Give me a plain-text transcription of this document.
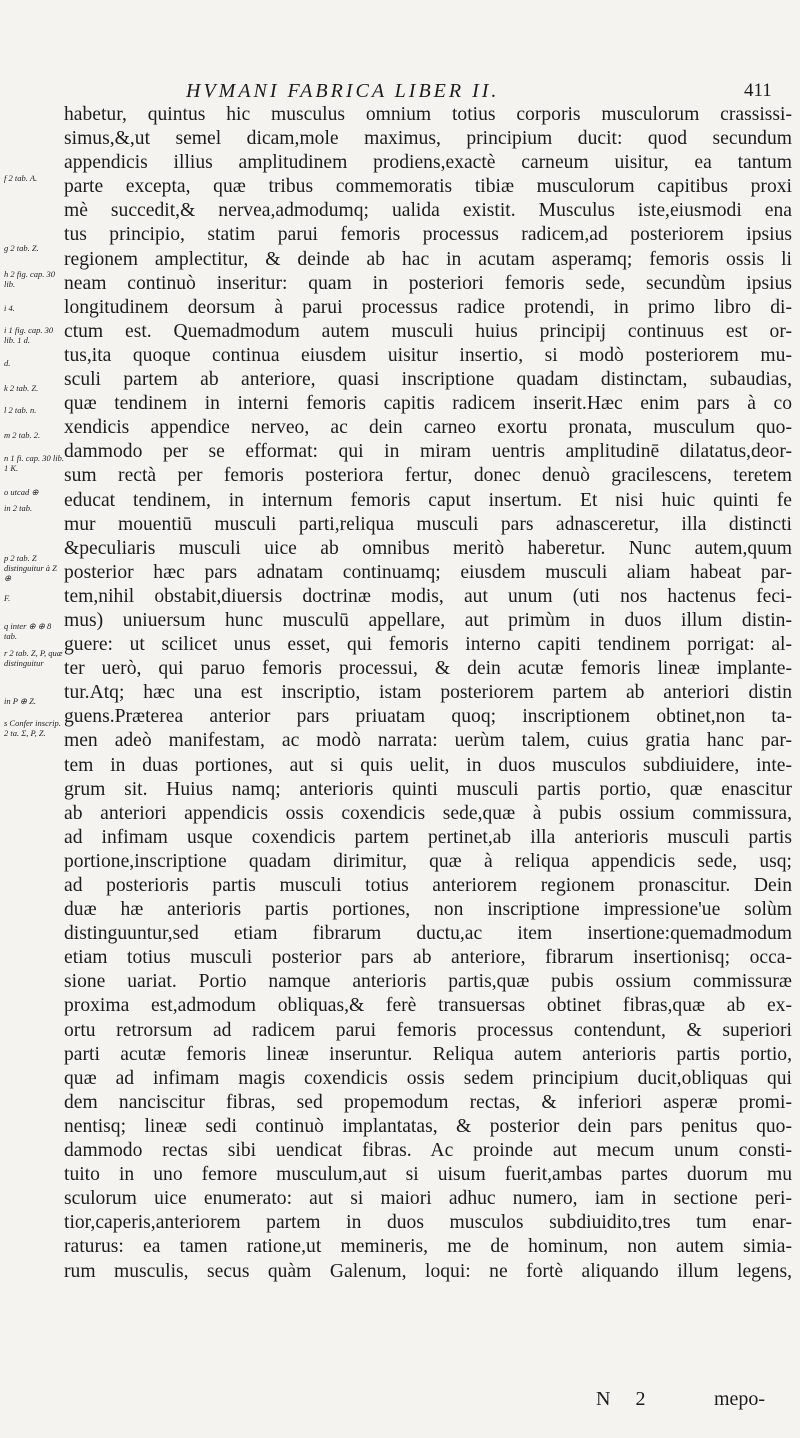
HVMANI FABRICA LIBER II.	411
f 2 tab. A.
g 2 tab. Z.
h 2 fig. cap. 30 lib.
i 4.
i 1 fig. cap. 30 lib. 1 d.
d.
k 2 tab. Z.
l 2 tab. n.
m 2 tab. 2.
n 1 fi. cap. 30 lib. 1 K.
o utcad ⊕
in 2 tab.
p 2 tab. Z distinguitur à Z ⊕
F.
q inter ⊕ ⊕ 8 tab.
r 2 tab. Z, P, quæ distinguitur
in P ⊕ Z.
s Confer inscrip. 2 ta. Σ, P, Z.
habetur, quintus hic musculus omnium totius corporis musculorum crassissi-
simus,&,ut semel dicam,mole maximus, principium ducit: quod secundum
appendicis illius amplitudinem prodiens,exactè carneum uisitur, ea tantum
parte excepta, quæ tribus commemoratis tibiæ musculorum capitibus proxi
mè succedit,& nervea,admodumq; ualida existit. Musculus iste,eiusmodi ena
tus principio, statim parui femoris processus radicem,ad posteriorem ipsius
regionem amplectitur, & deinde ab hac in acutam asperamq; femoris ossis li
neam continuò inseritur: quam in posteriori femoris sede, secundùm ipsius
longitudinem deorsum à parui processus radice protendi, in primo libro di-
ctum est. Quemadmodum autem musculi huius principij continuus est or-
tus,ita quoque continua eiusdem uisitur insertio, si modò posteriorem mu-
sculi partem ab anteriore, quasi inscriptione quadam distinctam, subaudias,
quæ tendinem in interni femoris capitis radicem inserit.Hæc enim pars à co
xendicis appendice nerveo, ac dein carneo exortu pronata, musculum quo-
dammodo per se efformat: qui in miram uentris amplitudinē dilatatus,deor-
sum rectà per femoris posteriora fertur, donec denuò gracilescens, teretem
educat tendinem, in internum femoris caput insertum. Et nisi huic quinti fe
mur mouentiū musculi parti,reliqua musculi pars adnasceretur, illa distincti
&peculiaris musculi uice ab omnibus meritò haberetur. Nunc autem,quum
posterior hæc pars adnatam continuamq; eiusdem musculi aliam habeat par-
tem,nihil obstabit,diuersis doctrinæ modis, aut unum (uti nos hactenus feci-
mus) uniuersum hunc musculū appellare, aut primùm in duos illum distin-
guere: ut scilicet unus esset, qui femoris interno capiti tendinem porrigat: al-
ter uerò, qui paruo femoris processui, & dein acutæ femoris lineæ implante-
tur.Atq; hæc una est inscriptio, istam posteriorem partem ab anteriori distin
guens.Præterea anterior pars priuatam quoq; inscriptionem obtinet,non ta-
men adeò manifestam, ac modò narrata: uerùm talem, cuius gratia hanc par-
tem in duas portiones, aut si quis uelit, in duos musculos subdiuidere, inte-
grum sit. Huius namq; anterioris quinti musculi partis portio, quæ enascitur
ab anteriori appendicis ossis coxendicis sede,quæ à pubis ossium commissura,
ad infimam usque coxendicis partem pertinet,ab illa anterioris musculi partis
portione,inscriptione quadam dirimitur, quæ à reliqua appendicis sede, usq;
ad posterioris partis musculi totius anteriorem regionem pronascitur. Dein
duæ hæ anterioris partis portiones, non inscriptione impressione'ue solùm
distinguuntur,sed etiam fibrarum ductu,ac item insertione:quemadmodum
etiam totius musculi posterior pars ab anteriore, fibrarum insertionisq; occa-
sione uariat. Portio namque anterioris partis,quæ pubis ossium commissuræ
proxima est,admodum obliquas,& ferè transuersas obtinet fibras,quæ ab ex-
ortu retrorsum ad radicem parui femoris processus contendunt, & superiori
parti acutæ femoris lineæ inseruntur. Reliqua autem anterioris partis portio,
quæ ad infimam magis coxendicis ossis sedem principium ducit,obliquas qui
dem nanciscitur fibras, sed propemodum rectas, & inferiori asperæ promi-
nentisq; lineæ sedi continuò implantatas, & posterior dein pars penitus quo-
dammodo rectas sibi uendicat fibras. Ac proinde aut mecum unum consti-
tuito in uno femore musculum,aut si uisum fuerit,ambas partes duorum mu
sculorum uice enumerato: aut si maiori adhuc numero, iam in sectione peri-
tior,caperis,anteriorem partem in duos musculos subdiuidito,tres tum enar-
raturus: ea tamen ratione,ut memineris, me de hominum, non autem simia-
rum musculis, secus quàm Galenum, loqui: ne fortè aliquando illum legens,
N 2	mepo-
